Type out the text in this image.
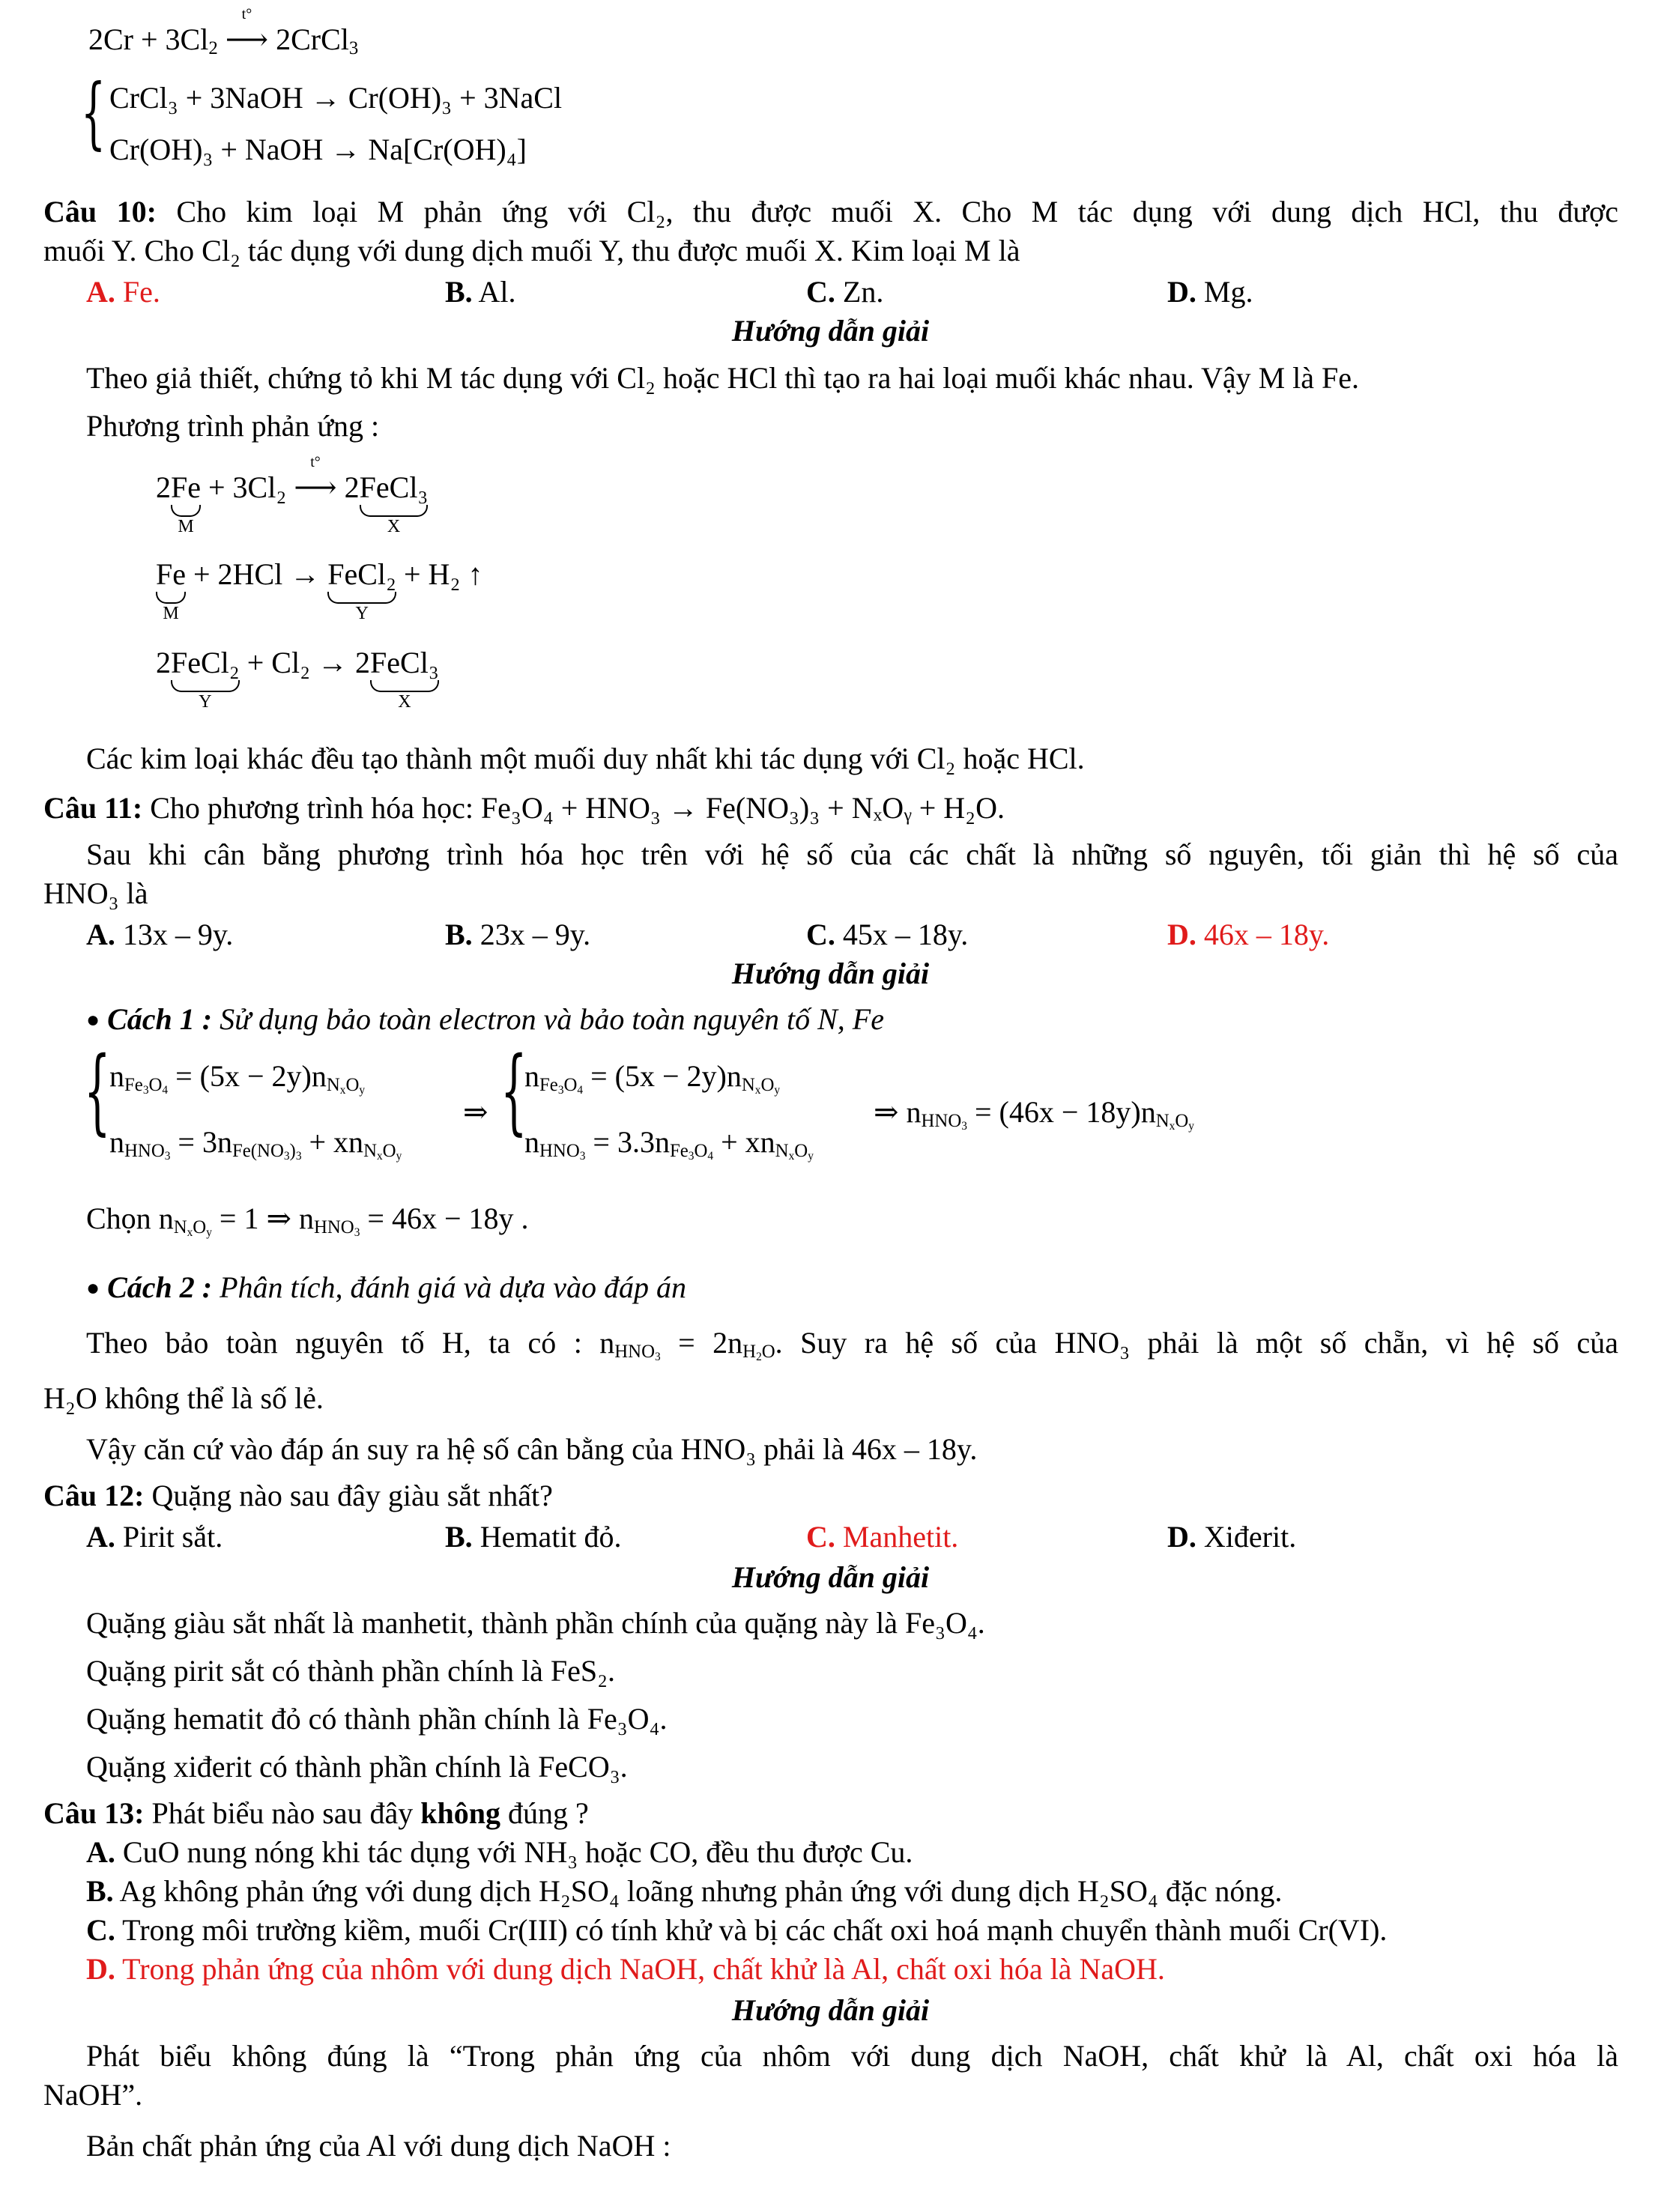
$2Cr + 3Cl_2$
t°
⟶ 2CrCl$_3$
{ CrCl₃ + 3NaOH → Cr(OH)₃ + 3NaCl
Cr(OH)₃ + NaOH → Na[Cr(OH)₄]
Câu 10: Cho kim loại M phản ứng với Cl₂, thu được muối X. Cho M tác dụng với dung dịch HCl, thu được
muối Y. Cho Cl₂ tác dụng với dung dịch muối Y, thu được muối X. Kim loại M là
A. Fe.	B. Al.	C. Zn.	D. Mg.
Hướng dẫn giải
Theo giả thiết, chứng tỏ khi M tác dụng với Cl₂ hoặc HCl thì tạo ra hai loại muối khác nhau. Vậy M là Fe.
Phương trình phản ứng :
2Fe
M
+ 3Cl₂
t°
⟶ 2FeCl₃
X
Fe
M
+ 2HCl → FeCl₂
Y
+ H₂ ↑
2FeCl₂
Y
+ Cl₂ → 2FeCl₃
X
Các kim loại khác đều tạo thành một muối duy nhất khi tác dụng với Cl₂ hoặc HCl.
Câu 11: Cho phương trình hóa học: Fe₃O₄ + HNO₃ → Fe(NO₃)₃ + NₓOᵧ + H₂O.
Sau khi cân bằng phương trình hóa học trên với hệ số của các chất là những số nguyên, tối giản thì hệ số của
HNO₃ là
A. 13x – 9y.	B. 23x – 9y.	C. 45x – 18y.	D. 46x – 18y.
Hướng dẫn giải
● Cách 1 : Sử dụng bảo toàn electron và bảo toàn nguyên tố N, Fe
{
$n_{Fe_3O_4} = (5x - 2y)n_{N_xO_y}$
$n_{HNO_3} = 3n_{Fe(NO_3)_3} + xn_{N_xO_y}$
⇒ {
$n_{Fe_3O_4} = (5x - 2y)n_{N_xO_y}$
$n_{HNO_3} = 3.3n_{Fe_3O_4} + xn_{N_xO_y}$
⇒ $n_{HNO_3} = (46x - 18y)n_{N_xO_y}$
Chọn $n_{N_xO_y} = 1$ ⇒ $n_{HNO_3} = 46x - 18y$ .
● Cách 2 : Phân tích, đánh giá và dựa vào đáp án
Theo bảo toàn nguyên tố H, ta có : $n_{HNO_3} = 2n_{H_2O}$. Suy ra hệ số của HNO₃ phải là một số chẵn, vì hệ số của
H₂O không thể là số lẻ.
Vậy căn cứ vào đáp án suy ra hệ số cân bằng của HNO₃ phải là 46x – 18y.
Câu 12: Quặng nào sau đây giàu sắt nhất?
A. Pirit sắt.	B. Hematit đỏ.	C. Manhetit.	D. Xiđerit.
Hướng dẫn giải
Quặng giàu sắt nhất là manhetit, thành phần chính của quặng này là Fe₃O₄.
Quặng pirit sắt có thành phần chính là FeS₂.
Quặng hematit đỏ có thành phần chính là Fe₃O₄.
Quặng xiđerit có thành phần chính là FeCO₃.
Câu 13: Phát biểu nào sau đây không đúng ?
A. CuO nung nóng khi tác dụng với NH₃ hoặc CO, đều thu được Cu.
B. Ag không phản ứng với dung dịch H₂SO₄ loãng nhưng phản ứng với dung dịch H₂SO₄ đặc nóng.
C. Trong môi trường kiềm, muối Cr(III) có tính khử và bị các chất oxi hoá mạnh chuyển thành muối Cr(VI).
D. Trong phản ứng của nhôm với dung dịch NaOH, chất khử là Al, chất oxi hóa là NaOH.
Hướng dẫn giải
Phát biểu không đúng là “Trong phản ứng của nhôm với dung dịch NaOH, chất khử là Al, chất oxi hóa là
NaOH”.
Bản chất phản ứng của Al với dung dịch NaOH :
